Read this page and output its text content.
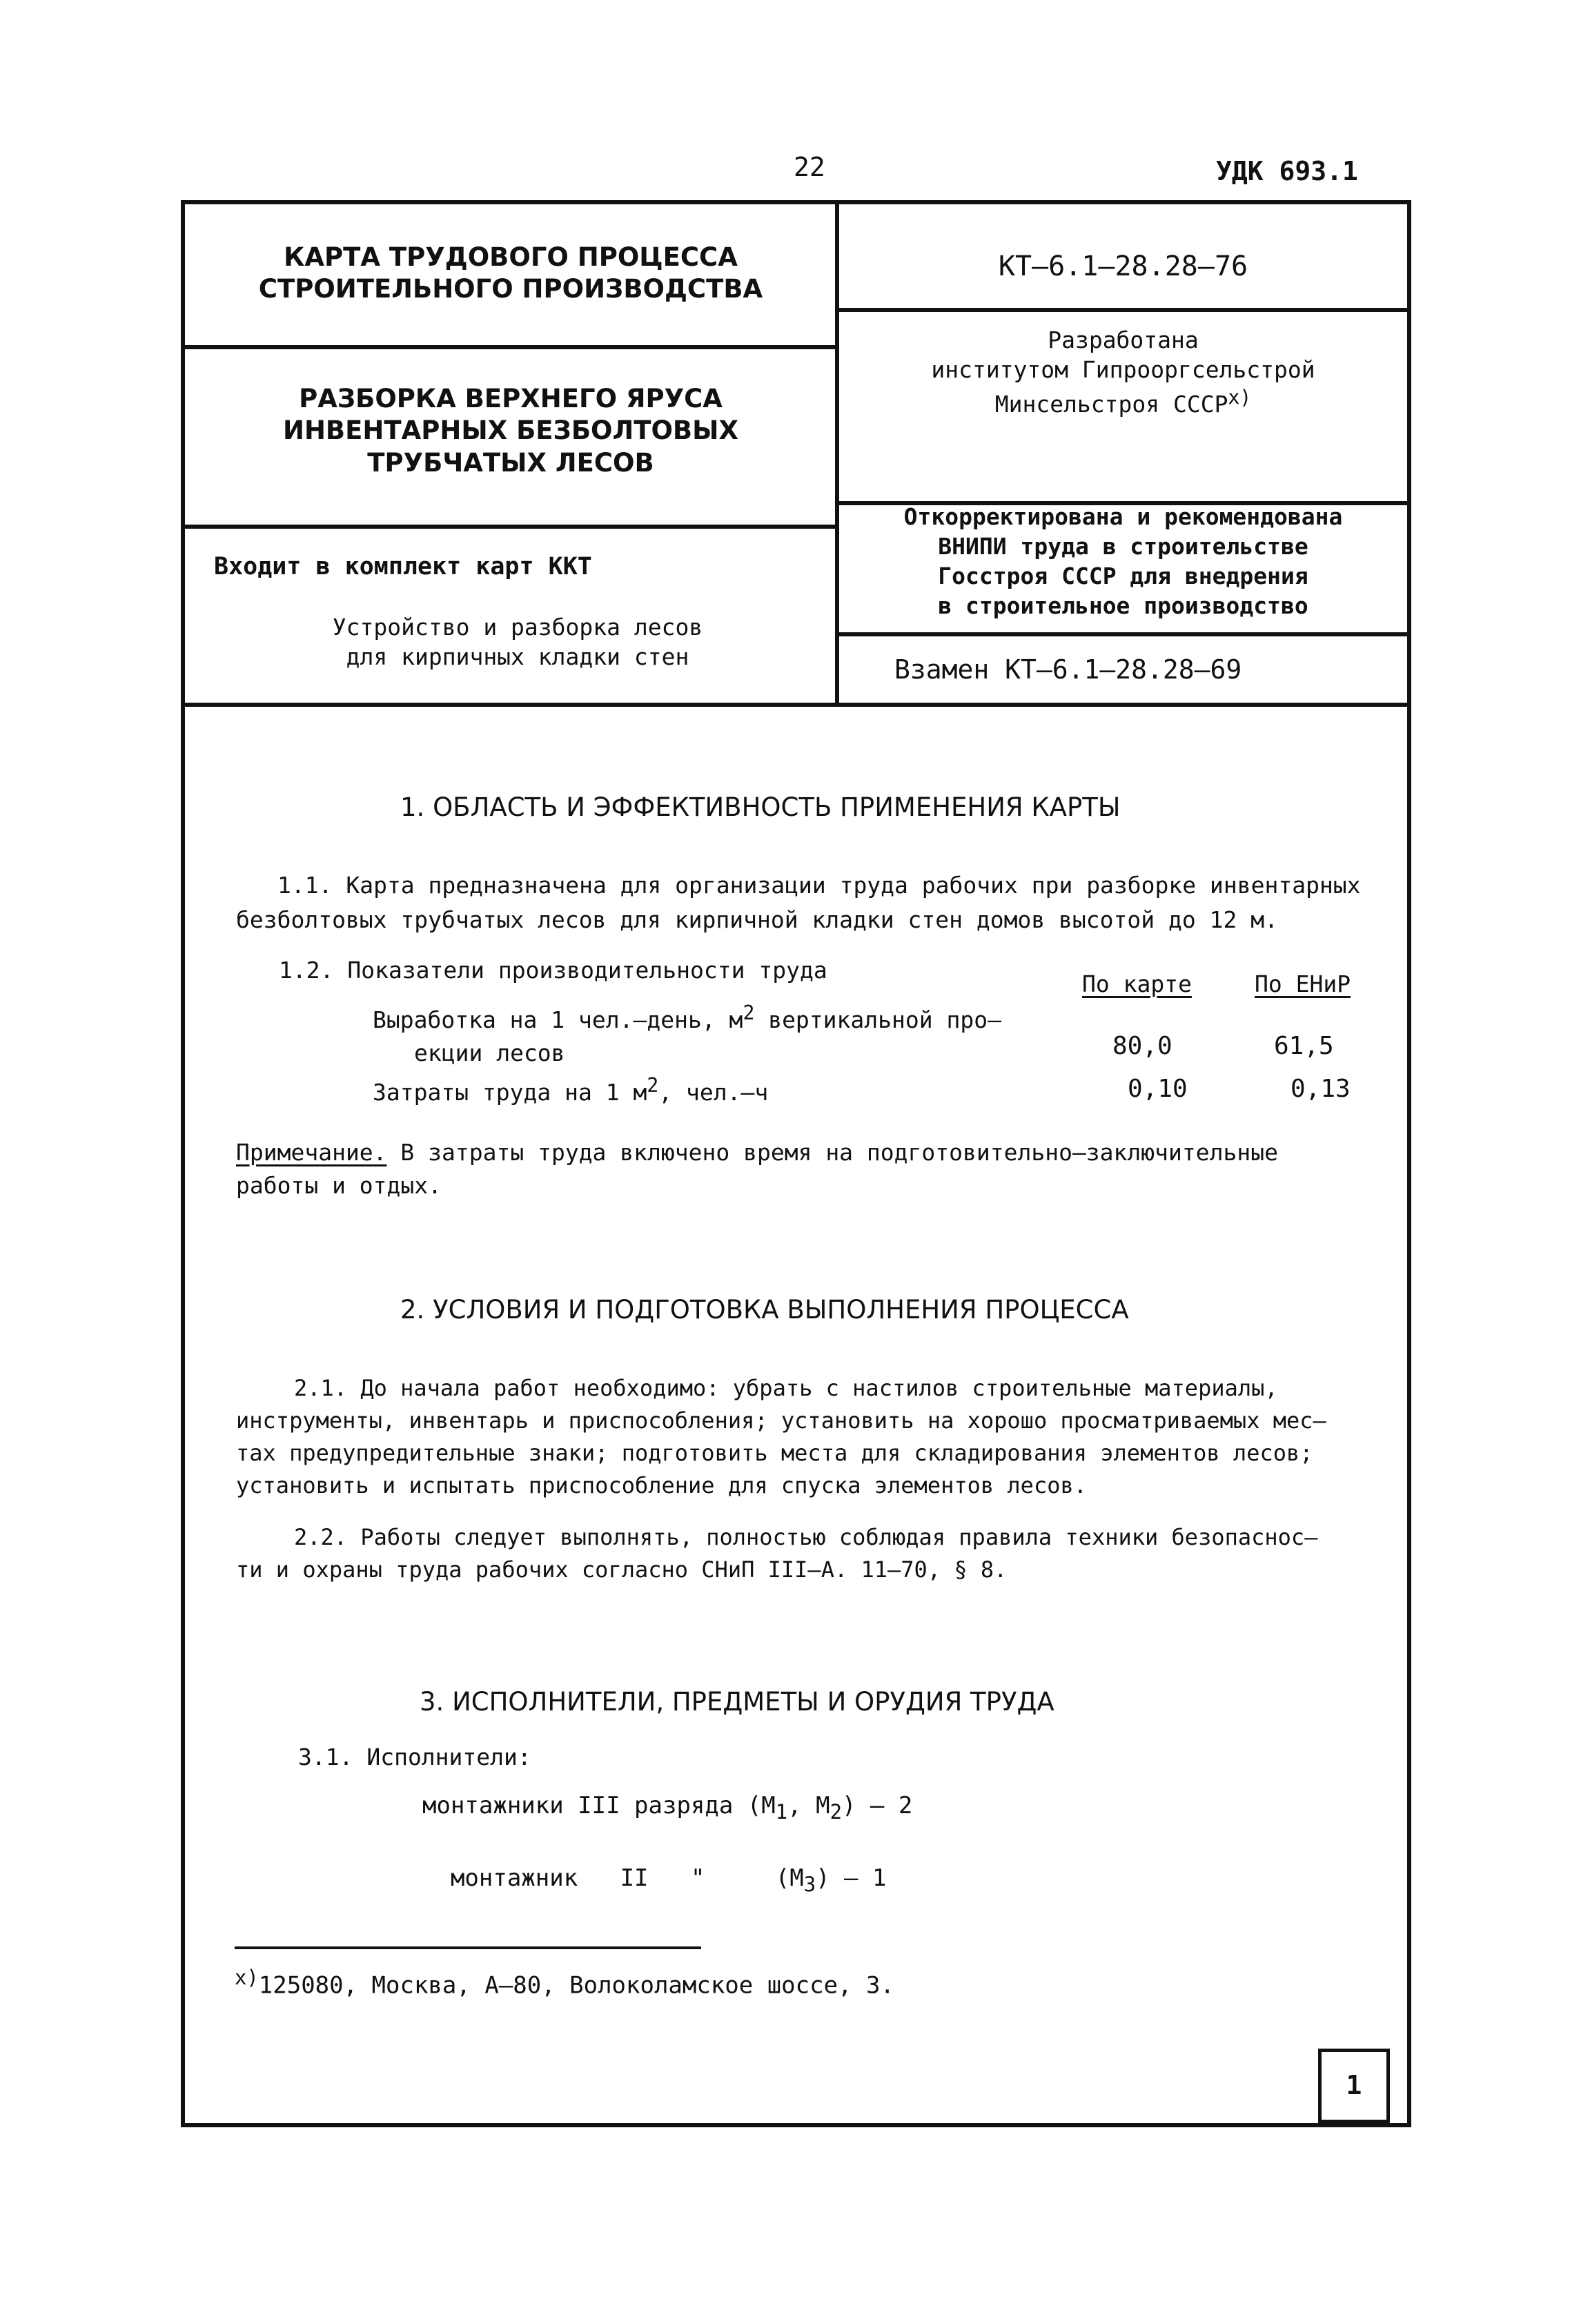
22	УДК 693.1
КАРТА ТРУДОВОГО ПРОЦЕССА
СТРОИТЕЛЬНОГО ПРОИЗВОДСТВА
КТ–6.1–28.28–76
РАЗБОРКА ВЕРХНЕГО ЯРУСА
ИНВЕНТАРНЫХ БЕЗБОЛТОВЫХ
ТРУБЧАТЫХ ЛЕСОВ
Разработана
институтом Гипрооргсельстрой
Минсельстроя $СССР^{х)}$
Откорректирована и рекомендована
ВНИПИ труда в строительстве
Госстроя СССР для внедрения
в строительное производство
Входит в комплект карт ККТ
Устройство и разборка лесов
для кирпичных кладки стен	Взамен КТ–6.1–28.28–69
1. ОБЛАСТЬ И ЭФФЕКТИВНОСТЬ ПРИМЕНЕНИЯ КАРТЫ
1.1. Карта предназначена для организации труда рабочих при разборке инвентарных
безболтовых трубчатых лесов для кирпичной кладки стен домов высотой до 12 м.
1.2. Показатели производительности труда
По карте	По ЕНиР
Выработка на 1 чел.–день, $м^2$ вертикальной про–
екции лесов	80,0	61,5
Затраты труда на 1 $м^2$, чел.–ч	0,10	0,13
Примечание. В затраты труда включено время на подготовительно–заключительные
работы и отдых.
2. УСЛОВИЯ И ПОДГОТОВКА ВЫПОЛНЕНИЯ ПРОЦЕССА
2.1. До начала работ необходимо: убрать с настилов строительные материалы,
инструменты, инвентарь и приспособления; установить на хорошо просматриваемых мес–
тах предупредительные знаки; подготовить места для складирования элементов лесов;
установить и испытать приспособление для спуска элементов лесов.
2.2. Работы следует выполнять, полностью соблюдая правила техники безопаснос–
ти и охраны труда рабочих согласно СНиП III–А. 11–70, § 8.
3. ИСПОЛНИТЕЛИ, ПРЕДМЕТЫ И ОРУДИЯ ТРУДА
3.1. Исполнители:
монтажники III разряда ($М_1$, $М_2) - 2$

монтажник   II   "     $(М_3) - 1$

$^{х)}$125080, Москва, А–80, Волоколамское шоссе, 3.
1
